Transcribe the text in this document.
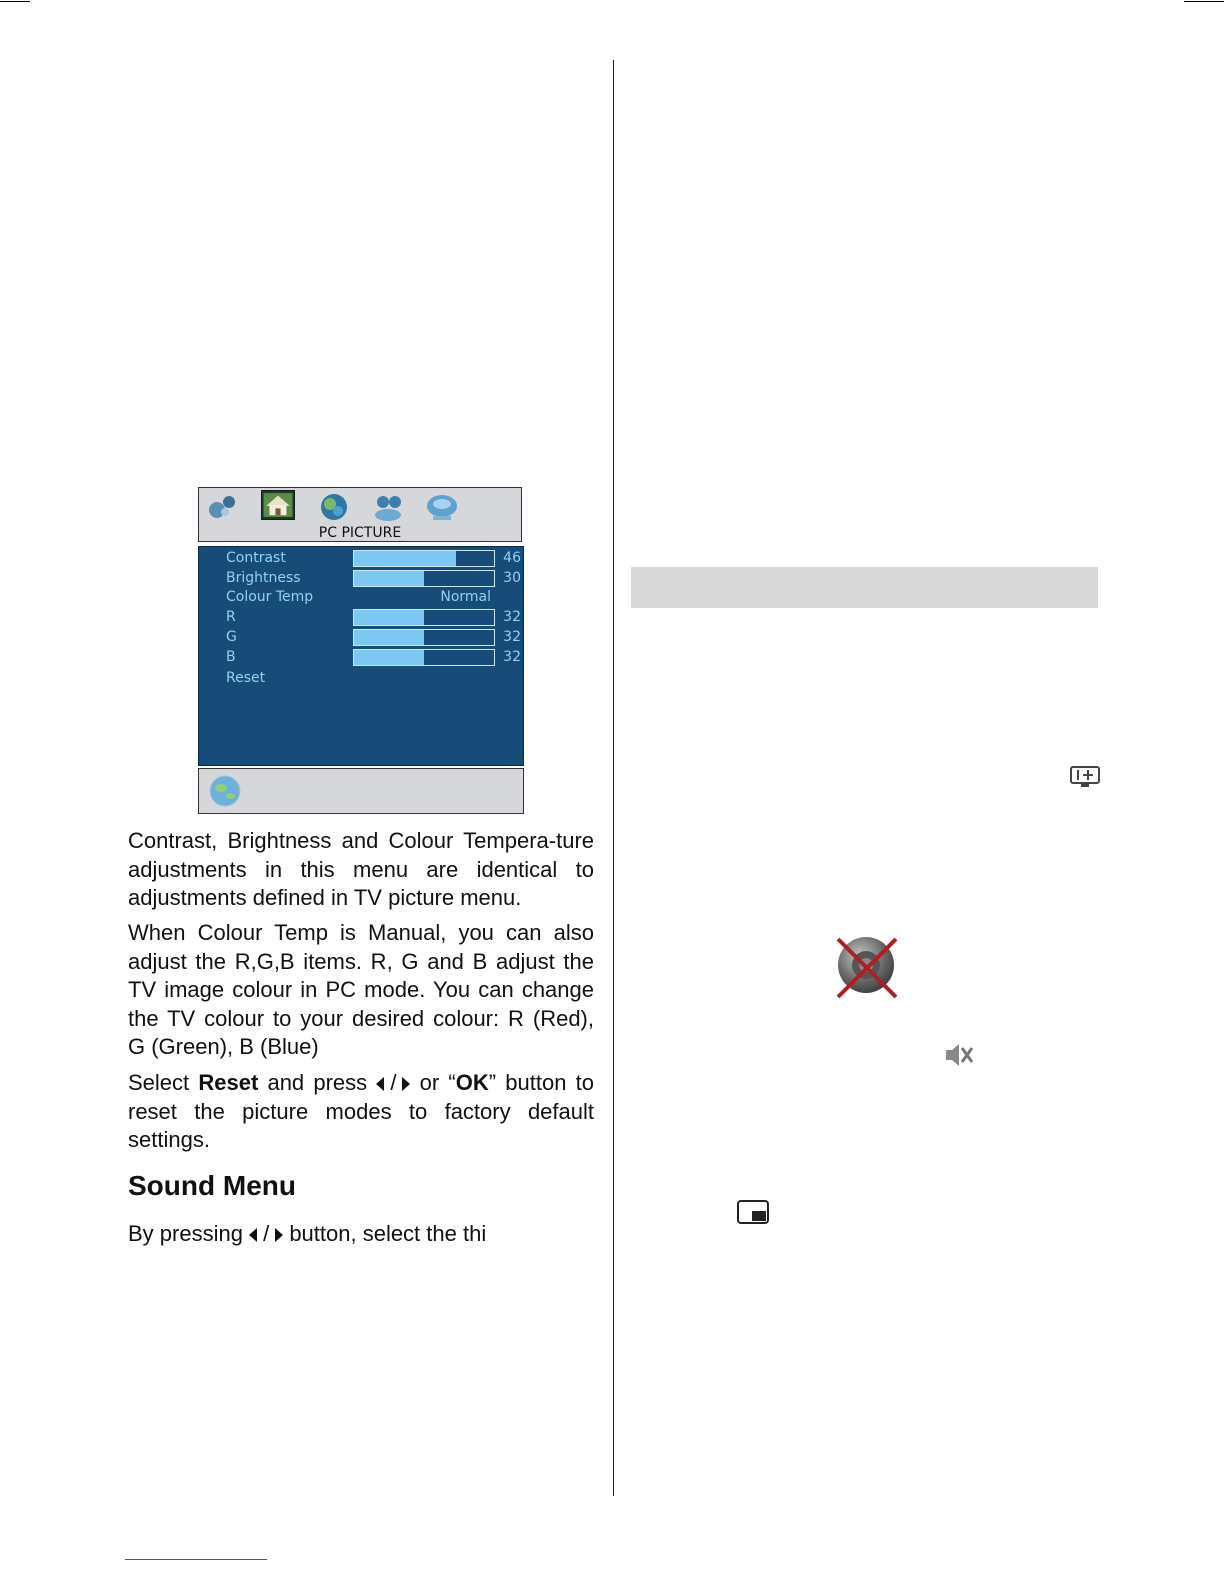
PC PICTURE
Contrast	46
Brightness	30
Colour Temp	Normal
R	32
G	32
B	32
Reset

Contrast, Brightness and Colour Tempera-ture adjustments in this menu are identical to adjustments defined in TV picture menu.

When Colour Temp is Manual, you can also adjust the R,G,B items. R, G and B adjust the TV image colour in PC mode. You can change the TV colour to your desired colour: R (Red), G (Green), B (Blue)

Select Reset and press / or “OK” button to reset the picture modes to factory default settings.

Sound Menu

By pressing / button, select the thi
